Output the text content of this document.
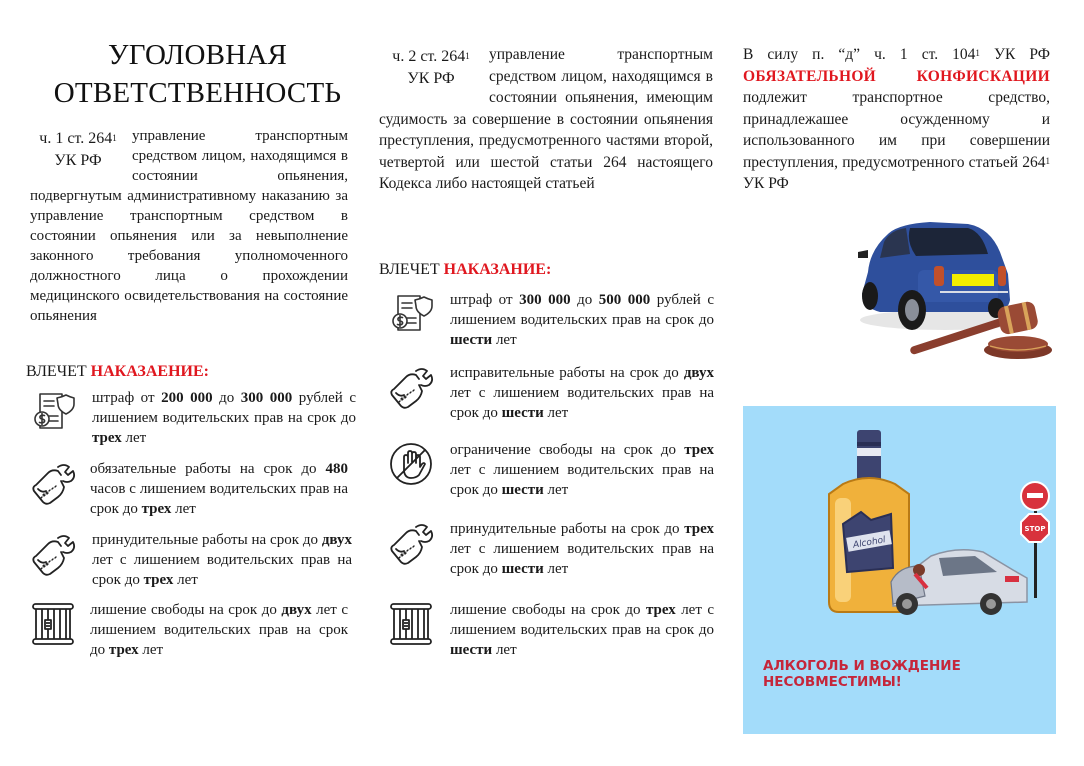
УГОЛОВНАЯ
ОТВЕТСТВЕННОСТЬ
ч. 1 ст. $264^1$
УК РФ
управление транспортным средством лицом, находящимся в состоянии опьянения, подвергнутым административному наказанию за управление транспортным средством в состоянии опьянения или за невыполнение законного требования уполномоченного должностного лица о прохождении медицинского освидетельствования на состояние опьянения
ВЛЕЧЕТ НАКАЗАЕНИЕ:
штраф от 200 000 до 300 000 рублей с лишением водительских прав на срок до трех лет
обязательные работы на срок до 480 часов с лишением водительских прав на срок до трех лет
принудительные работы на срок до двух лет с лишением водительских прав на срок до трех лет
лишение свободы на срок до двух лет с лишением водительских прав на срок до трех лет
ч. 2 ст. $264^1$
УК РФ
управление транспортным средством лицом, находящимся в состоянии опьянения, имеющим судимость за совершение в состоянии опьянения преступления, предусмотренного частями второй, четвертой или шестой статьи 264 настоящего Кодекса либо настоящей статьей
ВЛЕЧЕТ НАКАЗАНИЕ:
штраф от 300 000 до 500 000 рублей с лишением водительских прав на срок до шести лет
исправительные работы на срок до двух лет с лишением водительских прав на срок до шести лет
ограничение свободы на срок до трех лет с лишением водительских прав на срок до шести лет
принудительные работы на срок до трех лет с лишением водительских прав на срок до шести лет
лишение свободы на срок до трех лет с лишением водительских прав на срок до шести лет
В силу п. “д” ч. 1 ст. $104^1$ УК РФ ОБЯЗАТЕЛЬНОЙ КОНФИСКАЦИИ подлежит транспортное средство, принадлежашее осужденному и использованного им при совершении преступления, предусмотренного статьей $264^1$ УК РФ
Alcohol
STOP
АЛКОГОЛЬ И ВОЖДЕНИЕ
НЕСОВМЕСТИМЫ!
